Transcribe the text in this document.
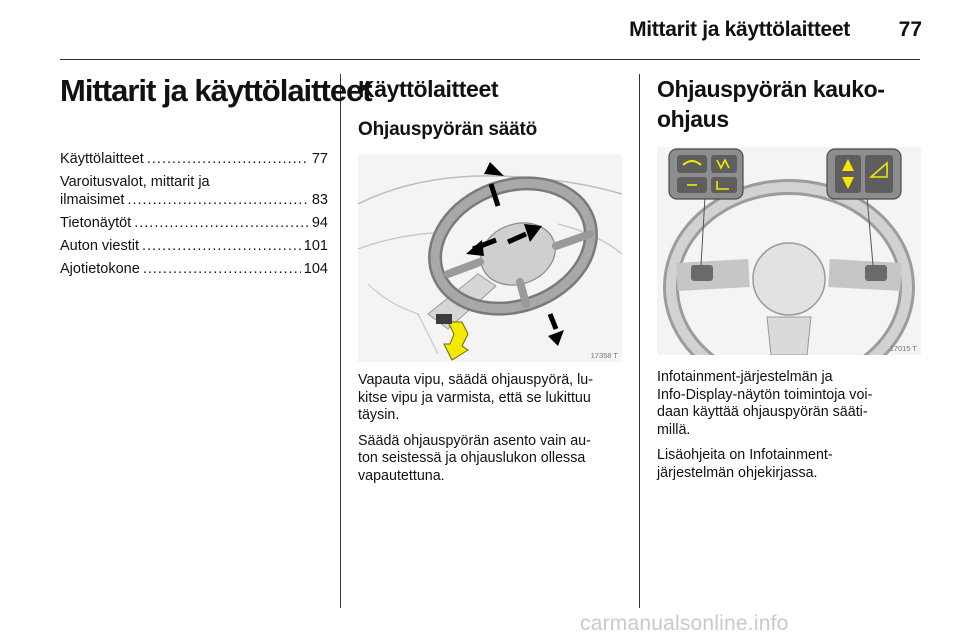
Mittarit ja käyttölaitteet	77
Mittarit ja käyttölaitteet
Käyttölaitteet .....	77
Varoitusvalot, mittarit ja
ilmaisimet .....	83
Tietonäytöt .....	94
Auton viestit .....	101
Ajotietokone .....	104
Käyttölaitteet
Ohjauspyörän säätö
17358 T

Vapauta vipu, säädä ohjauspyörä, lu-
kitse vipu ja varmista, että se lukittuu
täysin.

Säädä ohjauspyörän asento vain au-
ton seistessä ja ohjauslukon ollessa
vapautettuna.

Ohjauspyörän kauko-
ohjaus
17015 T

Infotainment-järjestelmän ja
Info-Display-näytön toimintoja voi-
daan käyttää ohjauspyörän sääti-
millä.

Lisäohjeita on Infotainment-
järjestelmän ohjekirjassa.

carmanualsonline.info
